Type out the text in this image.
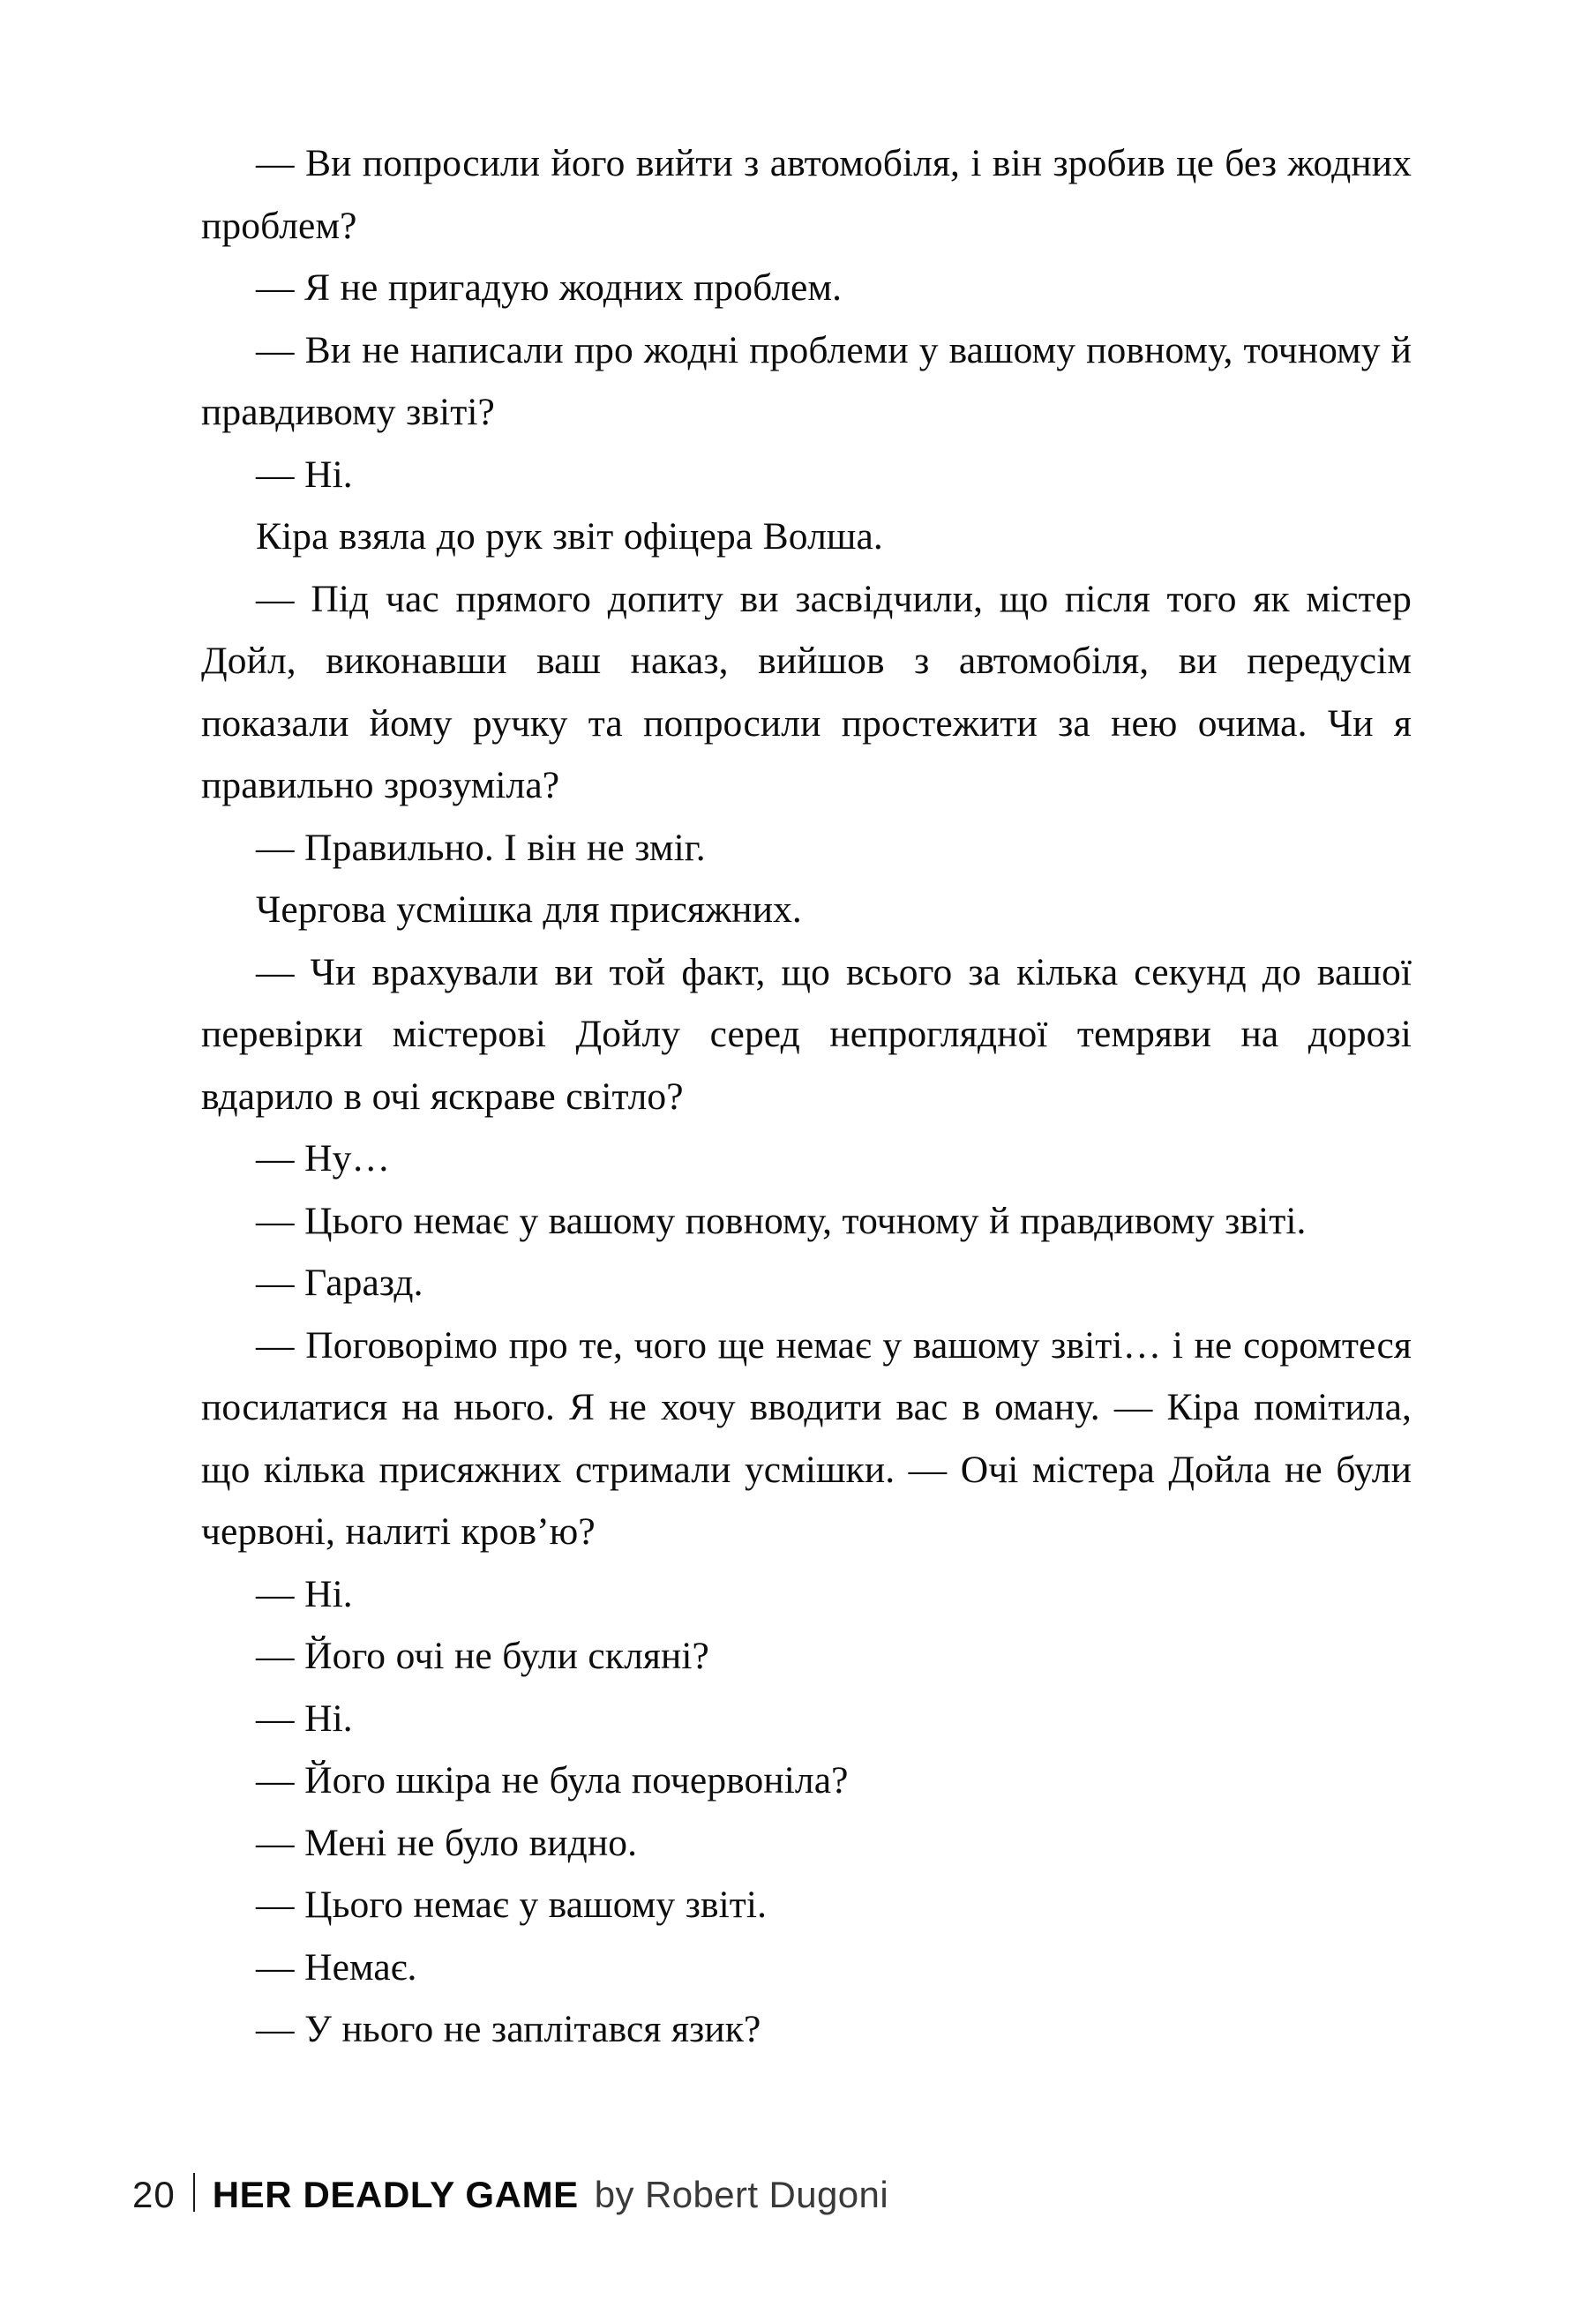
— Ви попросили його вийти з автомобіля, і він зробив це без жодних проблем?

— Я не пригадую жодних проблем.

— Ви не написали про жодні проблеми у вашому повному, точному й правдивому звіті?

— Ні.

Кіра взяла до рук звіт офіцера Волша.

— Під час прямого допиту ви засвідчили, що після того як містер Дойл, виконавши ваш наказ, вийшов з автомобіля, ви передусім показали йому ручку та попросили простежити за нею очима. Чи я правильно зрозуміла?

— Правильно. І він не зміг.

Чергова усмішка для присяжних.

— Чи врахували ви той факт, що всього за кілька секунд до вашої перевірки містерові Дойлу серед непроглядної темряви на дорозі вдарило в очі яскраве світло?

— Ну…

— Цього немає у вашому повному, точному й правдивому звіті.

— Гаразд.

— Поговорімо про те, чого ще немає у вашому звіті… і не соромтеся посилатися на нього. Я не хочу вводити вас в оману. — Кіра помітила, що кілька присяжних стримали усмішки. — Очі містера Дойла не були червоні, налиті кров’ю?

— Ні.

— Його очі не були скляні?

— Ні.

— Його шкіра не була почервоніла?

— Мені не було видно.

— Цього немає у вашому звіті.

— Немає.

— У нього не заплітався язик?

20 HER DEADLY GAME by Robert Dugoni
